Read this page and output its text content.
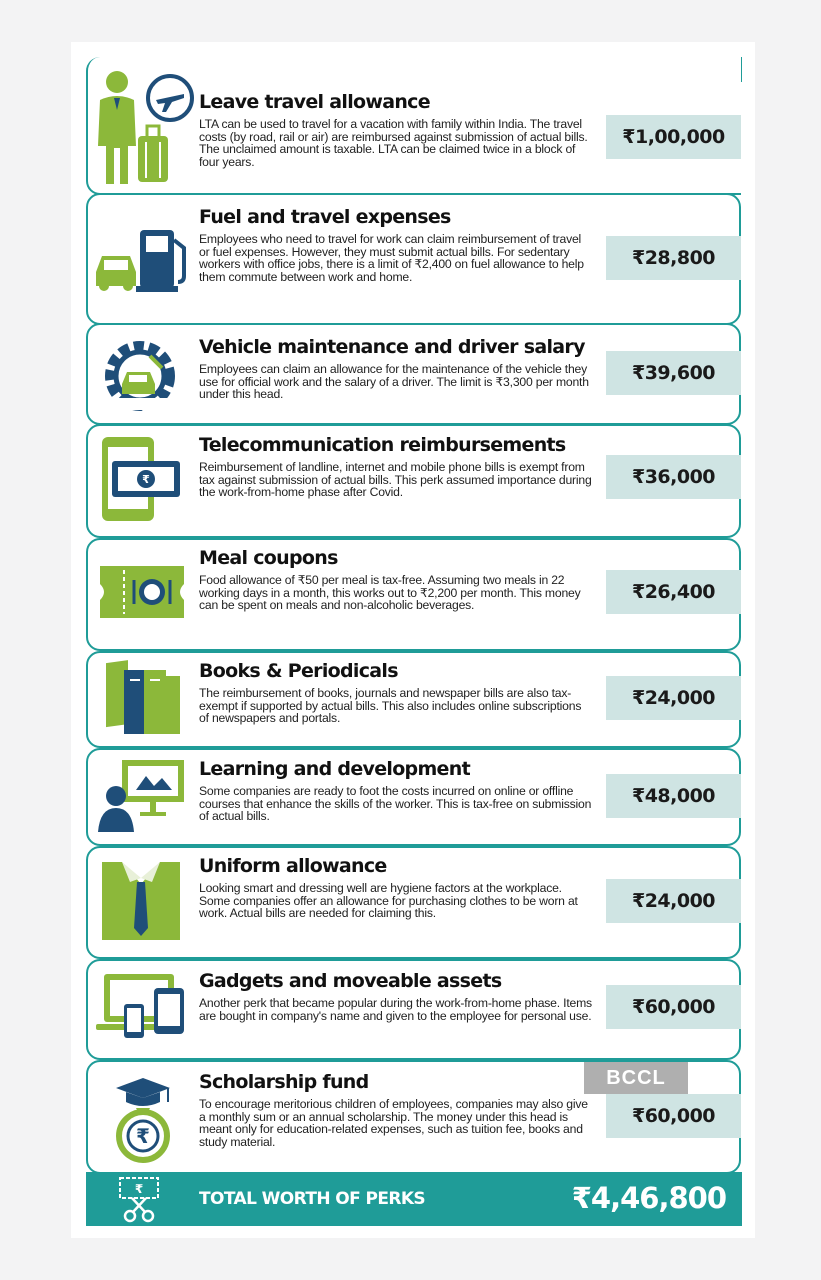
Leave travel allowance
LTA can be used to travel for a vacation with family within India. The travel costs (by road, rail or air) are reimbursed against submission of actual bills. The unclaimed amount is taxable. LTA can be claimed twice in a block of four years.
₹1,00,000
Fuel and travel expenses
Employees who need to travel for work can claim reimbursement of travel or fuel expenses. However, they must submit actual bills. For sedentary workers with office jobs, there is a limit of ₹2,400 on fuel allowance to help them commute between work and home.
₹28,800
Vehicle maintenance and driver salary
Employees can claim an allowance for the maintenance of the vehicle they use for official work and the salary of a driver. The limit is ₹3,300 per month under this head.
₹39,600
Telecommunication reimbursements
Reimbursement of landline, internet and mobile phone bills is exempt from tax against submission of actual bills. This perk assumed importance during the work-from-home phase after Covid.
₹36,000
₹
Meal coupons
Food allowance of ₹50 per meal is tax-free. Assuming two meals in 22 working days in a month, this works out to ₹2,200 per month. This money can be spent on meals and non-alcoholic beverages.
₹26,400
Books & Periodicals
The reimbursement of books, journals and newspaper bills are also tax-exempt if supported by actual bills. This also includes online subscriptions of newspapers and portals.
₹24,000
Learning and development
Some companies are ready to foot the costs incurred on online or offline courses that enhance the skills of the worker. This is tax-free on submission of actual bills.
₹48,000
Uniform allowance
Looking smart and dressing well are hygiene factors at the workplace. Some companies offer an allowance for purchasing clothes to be worn at work. Actual bills are needed for claiming this.
₹24,000
Gadgets and moveable assets
Another perk that became popular during the work-from-home phase. Items are bought in company's name and given to the employee for personal use.	₹60,000
Scholarship fund
To encourage meritorious children of employees, companies may also give a monthly sum or an annual scholarship. The money under this head is meant only for education-related expenses, such as tuition fee, books and study material.
₹60,000
₹
₹	TOTAL WORTH OF PERKS	₹4,46,800
BCCL
